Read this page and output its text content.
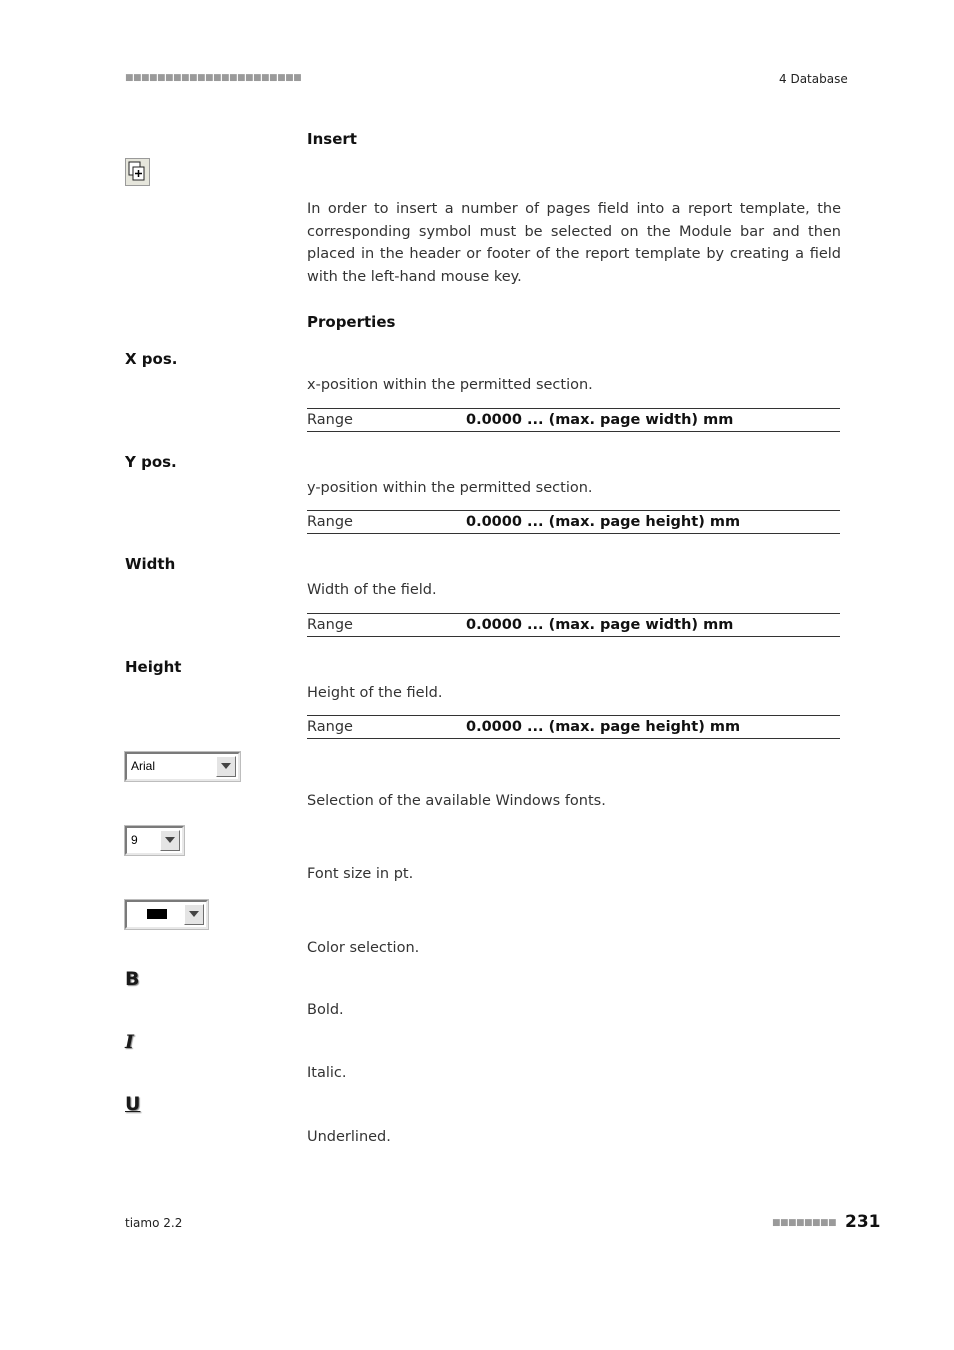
■■■■■■■■■■■■■■■■■■■■■■	4 Database
Insert
In order to insert a number of pages field into a report template, the corresponding symbol must be selected on the Module bar and then placed in the header or footer of the report template by creating a field with the left-hand mouse key.
Properties
X pos.
x-position within the permitted section.
Range	0.0000 ... (max. page width) mm
Y pos.
y-position within the permitted section.
Range	0.0000 ... (max. page height) mm
Width
Width of the field.
Range	0.0000 ... (max. page width) mm
Height
Height of the field.
Range	0.0000 ... (max. page height) mm
Arial
Selection of the available Windows fonts.
9
Font size in pt.
Color selection.
B
Bold.
I
Italic.
U
Underlined.
tiamo 2.2	■■■■■■■■ 231
